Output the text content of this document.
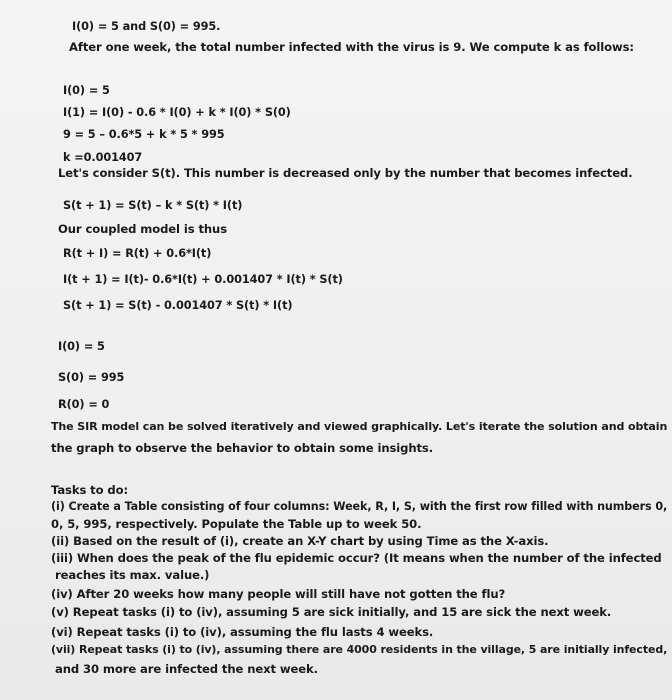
I(0) = 5 and S(0) = 995.
After one week, the total number infected with the virus is 9. We compute k as follows:
I(0) = 5
I(1) = I(0) - 0.6 * I(0) + k * I(0) * S(0)
9 = 5 – 0.6*5 + k * 5 * 995
k =0.001407
Let's consider S(t). This number is decreased only by the number that becomes infected.
S(t + 1) = S(t) – k * S(t) * I(t)
Our coupled model is thus
R(t + I) = R(t) + 0.6*I(t)
I(t + 1) = I(t)- 0.6*I(t) + 0.001407 * I(t) * S(t)
S(t + 1) = S(t) - 0.001407 * S(t) * I(t)
I(0) = 5
S(0) = 995
R(0) = 0
The SIR model can be solved iteratively and viewed graphically. Let's iterate the solution and obtain
the graph to observe the behavior to obtain some insights.
Tasks to do:
(i) Create a Table consisting of four columns: Week, R, I, S, with the first row filled with numbers 0,
0, 5, 995, respectively. Populate the Table up to week 50.
(ii) Based on the result of (i), create an X-Y chart by using Time as the X-axis.
(iii) When does the peak of the flu epidemic occur? (It means when the number of the infected
reaches its max. value.)
(iv) After 20 weeks how many people will still have not gotten the flu?
(v) Repeat tasks (i) to (iv), assuming 5 are sick initially, and 15 are sick the next week.
(vi) Repeat tasks (i) to (iv), assuming the flu lasts 4 weeks.
(vii) Repeat tasks (i) to (iv), assuming there are 4000 residents in the village, 5 are initially infected,
and 30 more are infected the next week.
